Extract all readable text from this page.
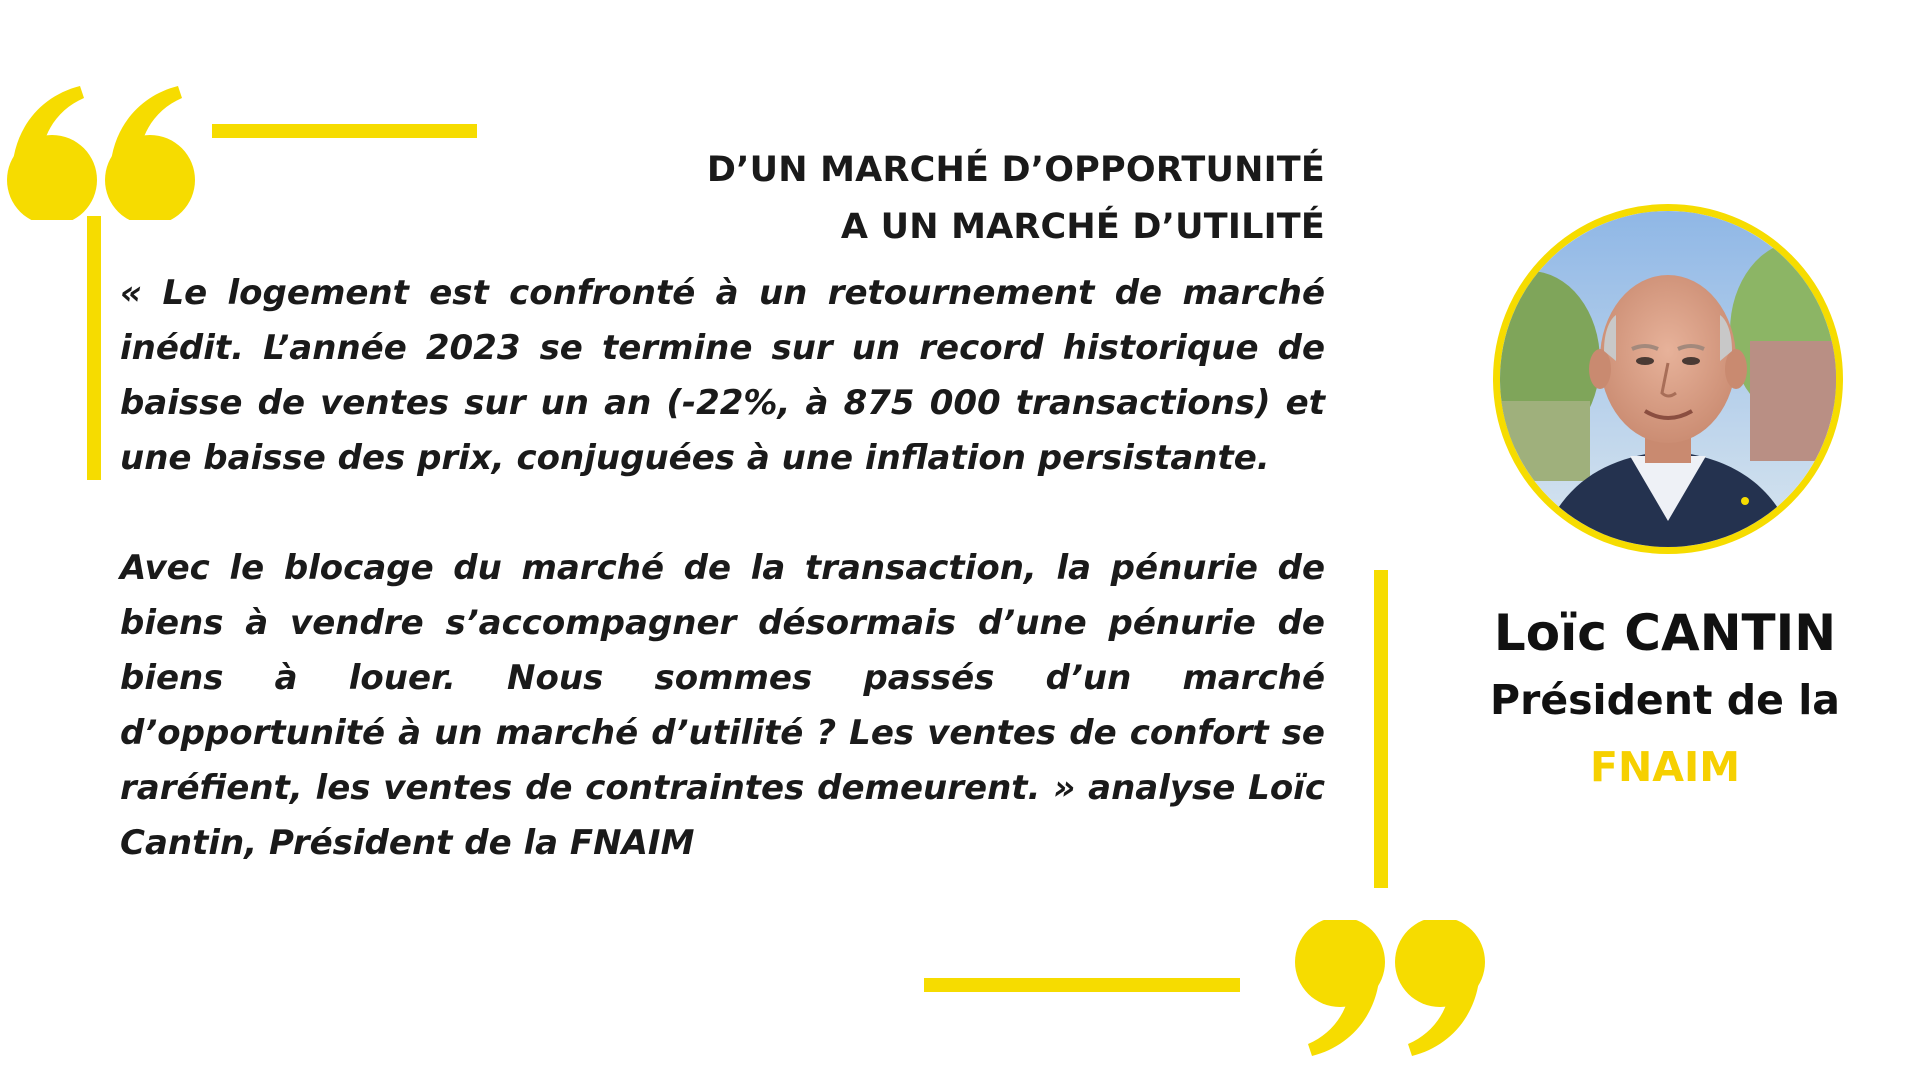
D’UN MARCHÉ D’OPPORTUNITÉ
A UN MARCHÉ D’UTILITÉ

« Le logement est confronté à un retournement de marché inédit. L’année 2023 se termine sur un record historique de baisse de ventes sur un an (-22%, à 875 000 transactions) et une baisse des prix, conjuguées à une inflation persistante.

Avec le blocage du marché de la transaction, la pénurie de biens à vendre s’accompagner désormais d’une pénurie de biens à louer. Nous sommes passés d’un marché d’opportunité à un marché d’utilité ? Les ventes de confort se raréfient, les ventes de contraintes demeurent. » analyse Loïc Cantin, Président de la FNAIM

Loïc CANTIN
Président de la
FNAIM
